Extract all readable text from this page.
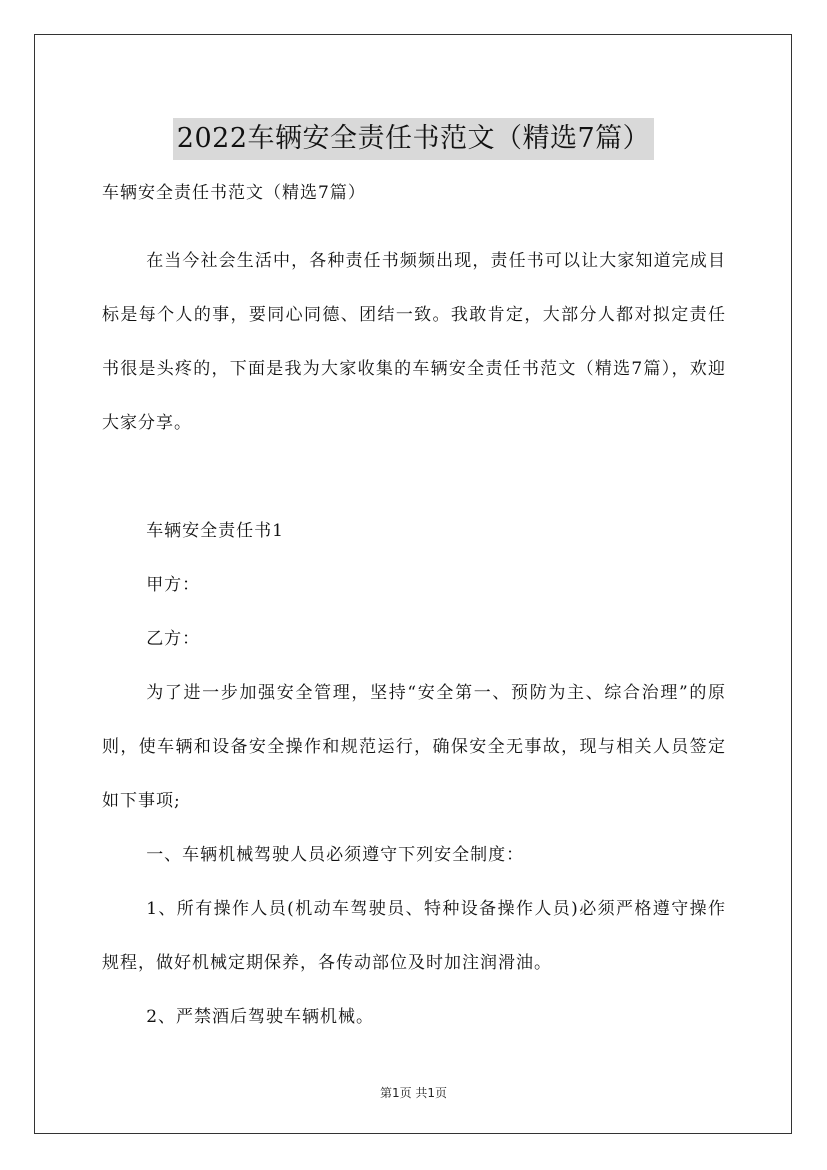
2022车辆安全责任书范文（精选7篇）

车辆安全责任书范文（精选7篇）

在当今社会生活中，各种责任书频频出现，责任书可以让大家知道完成目标是每个人的事，要同心同德、团结一致。我敢肯定，大部分人都对拟定责任书很是头疼的，下面是我为大家收集的车辆安全责任书范文（精选7篇），欢迎大家分享。

车辆安全责任书1

甲方：

乙方：

为了进一步加强安全管理，坚持“安全第一、预防为主、综合治理”的原则，使车辆和设备安全操作和规范运行，确保安全无事故，现与相关人员签定如下事项;

一、车辆机械驾驶人员必须遵守下列安全制度：

1、所有操作人员(机动车驾驶员、特种设备操作人员)必须严格遵守操作规程，做好机械定期保养，各传动部位及时加注润滑油。

2、严禁酒后驾驶车辆机械。

第1页 共1页
